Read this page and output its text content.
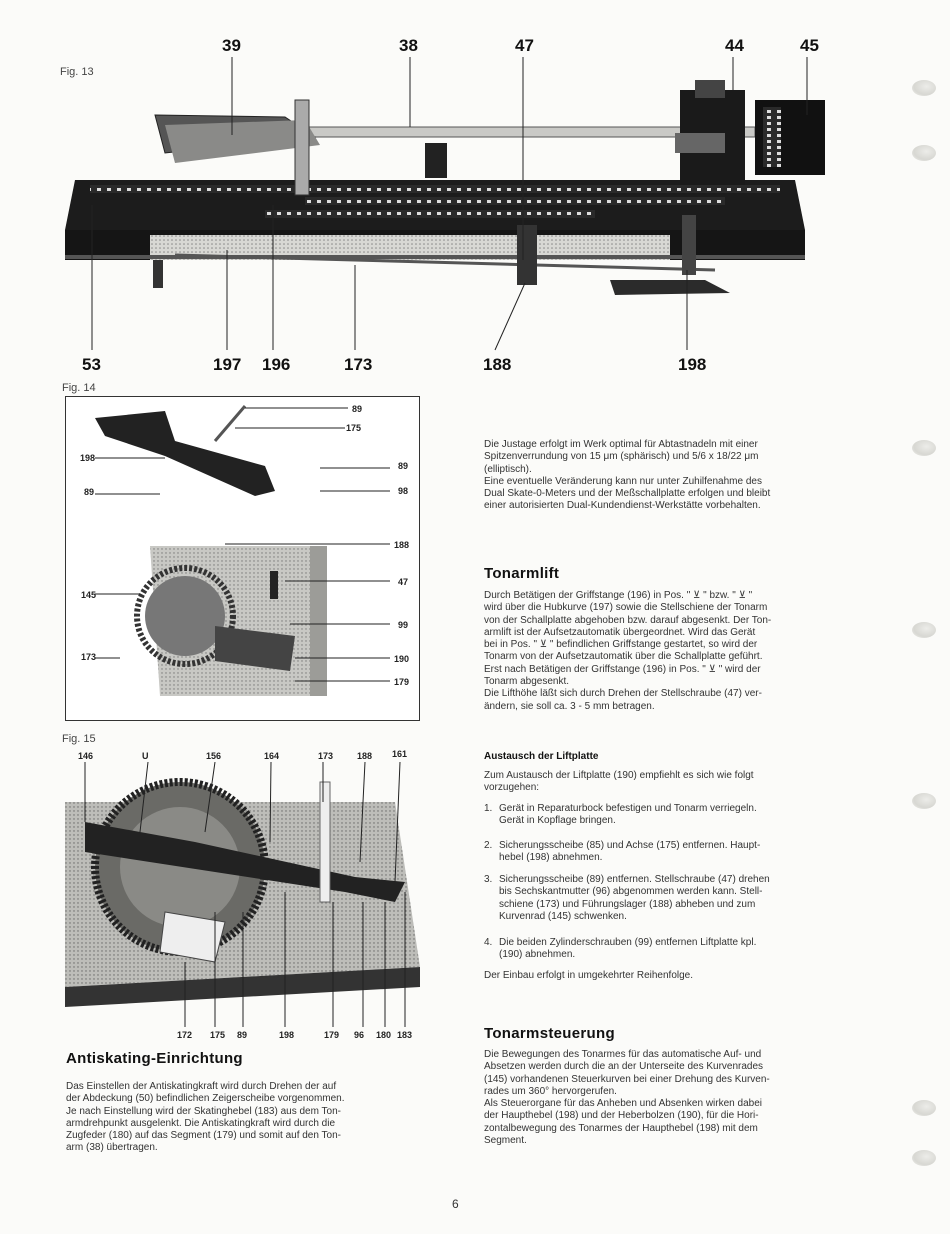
Fig. 13
39	38	47	44	45
53	197 196	173	188	198
Fig. 14
89
175
198
89
89	98
188
47
145
99
173	190
179
Fig. 15
146	U	156	164	173	188 161
172 175 89	198	179 96 180 183
Antiskating-Einrichtung
Das Einstellen der Antiskatingkraft wird durch Drehen der auf
der Abdeckung (50) befindlichen Zeigerscheibe vorgenommen.
Je nach Einstellung wird der Skatinghebel (183) aus dem Ton-
armdrehpunkt ausgelenkt. Die Antiskatingkraft wird durch die
Zugfeder (180) auf das Segment (179) und somit auf den Ton-
arm (38) übertragen.
Die Justage erfolgt im Werk optimal für Abtastnadeln mit einer
Spitzenverrundung von 15 μm (sphärisch) und 5/6 x 18/22 μm
(elliptisch).
Eine eventuelle Veränderung kann nur unter Zuhilfenahme des
Dual Skate-0-Meters und der Meßschallplatte erfolgen und bleibt
einer autorisierten Dual-Kundendienst-Werkstätte vorbehalten.
Tonarmlift
Durch Betätigen der Griffstange (196) in Pos. " ⊻ " bzw. " ⊻ "
wird über die Hubkurve (197) sowie die Stellschiene der Tonarm
von der Schallplatte abgehoben bzw. darauf abgesenkt. Der Ton-
armlift ist der Aufsetzautomatik übergeordnet. Wird das Gerät
bei in Pos. " ⊻ " befindlichen Griffstange gestartet, so wird der
Tonarm von der Aufsetzautomatik über die Schallplatte geführt.
Erst nach Betätigen der Griffstange (196) in Pos. " ⊻ " wird der
Tonarm abgesenkt.
Die Lifthöhe läßt sich durch Drehen der Stellschraube (47) ver-
ändern, sie soll ca. 3 - 5 mm betragen.
Austausch der Liftplatte
Zum Austausch der Liftplatte (190) empfiehlt es sich wie folgt
vorzugehen:
1. Gerät in Reparaturbock befestigen und Tonarm verriegeln.
Gerät in Kopflage bringen.
2. Sicherungsscheibe (85) und Achse (175) entfernen. Haupt-
hebel (198) abnehmen.
3. Sicherungsscheibe (89) entfernen. Stellschraube (47) drehen
bis Sechskantmutter (96) abgenommen werden kann. Stell-
schiene (173) und Führungslager (188) abheben und zum
Kurvenrad (145) schwenken.
4. Die beiden Zylinderschrauben (99) entfernen Liftplatte kpl.
(190) abnehmen.
Der Einbau erfolgt in umgekehrter Reihenfolge.
Tonarmsteuerung
Die Bewegungen des Tonarmes für das automatische Auf- und
Absetzen werden durch die an der Unterseite des Kurvenrades
(145) vorhandenen Steuerkurven bei einer Drehung des Kurven-
rades um 360° hervorgerufen.
Als Steuerorgane für das Anheben und Absenken wirken dabei
der Haupthebel (198) und der Heberbolzen (190), für die Hori-
zontalbewegung des Tonarmes der Haupthebel (198) mit dem
Segment.
6
